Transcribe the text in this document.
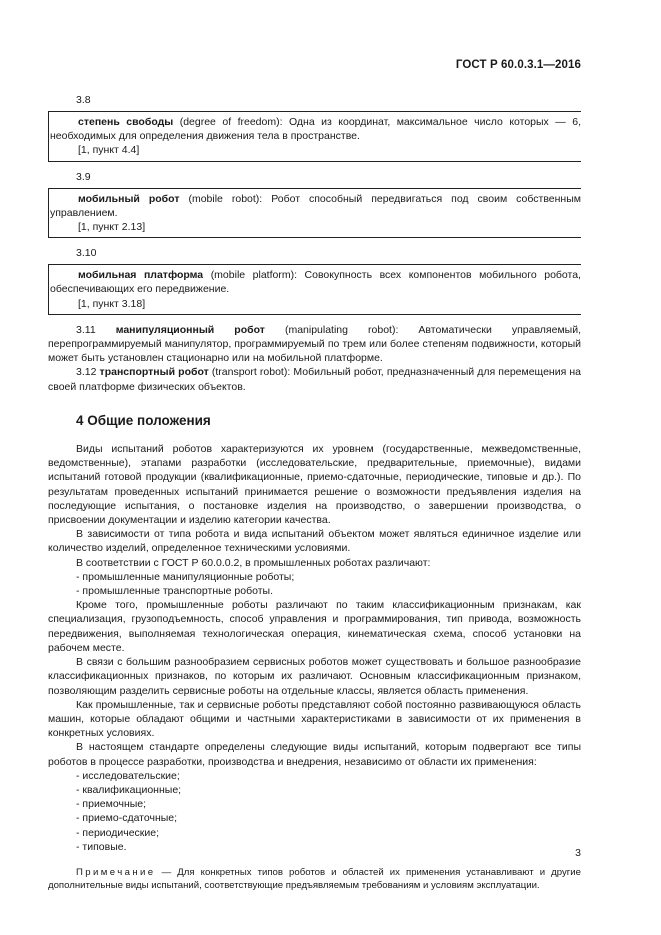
ГОСТ Р 60.0.3.1—2016
3.8

степень свободы (degree of freedom): Одна из координат, максимальное число которых — 6, необходимых для определения движения тела в пространстве.

[1, пункт 4.4]

3.9

мобильный робот (mobile robot): Робот способный передвигаться под своим собственным управлением.

[1, пункт 2.13]

3.10

мобильная платформа (mobile platform): Совокупность всех компонентов мобильного робота, обеспечивающих его передвижение.

[1, пункт 3.18]

3.11 манипуляционный робот (manipulating robot): Автоматически управляемый, перепрограммируемый манипулятор, программируемый по трем или более степеням подвижности, который может быть установлен стационарно или на мобильной платформе.

3.12 транспортный робот (transport robot): Мобильный робот, предназначенный для перемещения на своей платформе физических объектов.

4 Общие положения

Виды испытаний роботов характеризуются их уровнем (государственные, межведомственные, ведомственные), этапами разработки (исследовательские, предварительные, приемочные), видами испытаний готовой продукции (квалификационные, приемо-сдаточные, периодические, типовые и др.). По результатам проведенных испытаний принимается решение о возможности предъявления изделия на последующие испытания, о постановке изделия на производство, о завершении производства, о присвоении документации и изделию категории качества.

В зависимости от типа робота и вида испытаний объектом может являться единичное изделие или количество изделий, определенное техническими условиями.

В соответствии с ГОСТ Р 60.0.0.2, в промышленных роботах различают:

- промышленные манипуляционные роботы;
- промышленные транспортные роботы.

Кроме того, промышленные роботы различают по таким классификационным признакам, как специализация, грузоподъемность, способ управления и программирования, тип привода, возможность передвижения, выполняемая технологическая операция, кинематическая схема, способ установки на рабочем месте.

В связи с большим разнообразием сервисных роботов может существовать и большое разнообразие классификационных признаков, по которым их различают. Основным классификационным признаком, позволяющим разделить сервисные роботы на отдельные классы, является область применения.

Как промышленные, так и сервисные роботы представляют собой постоянно развивающуюся область машин, которые обладают общими и частными характеристиками в зависимости от их применения в конкретных условиях.

В настоящем стандарте определены следующие виды испытаний, которым подвергают все типы роботов в процессе разработки, производства и внедрения, независимо от области их применения:

- исследовательские;
- квалификационные;
- приемочные;
- приемо-сдаточные;
- периодические;
- типовые.

Примечание — Для конкретных типов роботов и областей их применения устанавливают и другие дополнительные виды испытаний, соответствующие предъявляемым требованиям и условиям эксплуатации.

3
